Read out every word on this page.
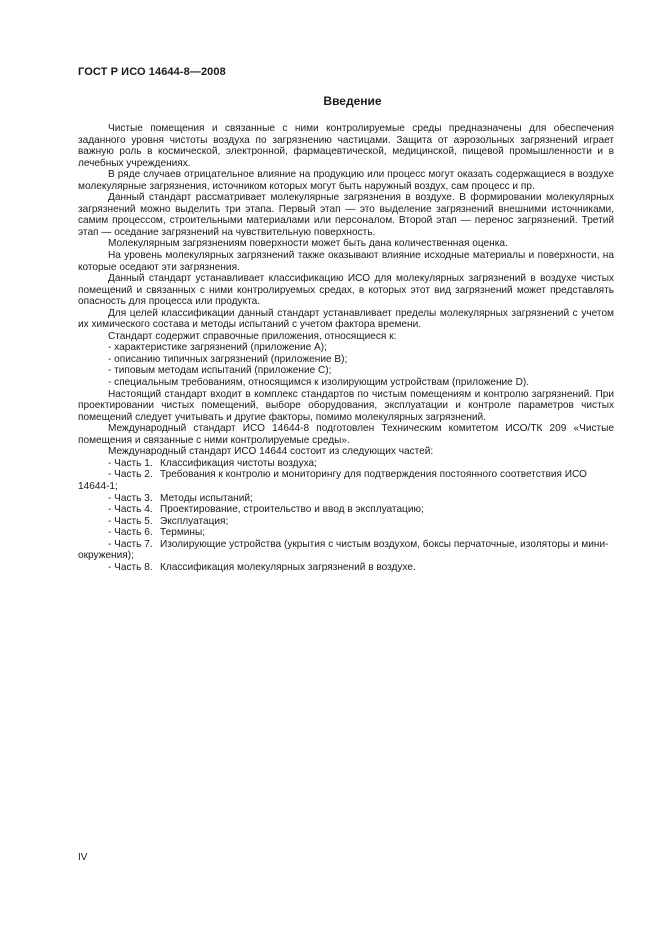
ГОСТ Р ИСО 14644-8—2008
Введение

Чистые помещения и связанные с ними контролируемые среды предназначены для обеспечения заданного уровня чистоты воздуха по загрязнению частицами. Защита от аэрозольных загрязнений играет важную роль в космической, электронной, фармацевтической, медицинской, пищевой промышленности и в лечебных учреждениях.

В ряде случаев отрицательное влияние на продукцию или процесс могут оказать содержащиеся в воздухе молекулярные загрязнения, источником которых могут быть наружный воздух, сам процесс и пр.

Данный стандарт рассматривает молекулярные загрязнения в воздухе. В формировании молекулярных загрязнений можно выделить три этапа. Первый этап — это выделение загрязнений внешними источниками, самим процессом, строительными материалами или персоналом. Второй этап — перенос загрязнений. Третий этап — оседание загрязнений на чувствительную поверхность.

Молекулярным загрязнениям поверхности может быть дана количественная оценка.

На уровень молекулярных загрязнений также оказывают влияние исходные материалы и поверхности, на которые оседают эти загрязнения.

Данный стандарт устанавливает классификацию ИСО для молекулярных загрязнений в воздухе чистых помещений и связанных с ними контролируемых средах, в которых этот вид загрязнений может представлять опасность для процесса или продукта.

Для целей классификации данный стандарт устанавливает пределы молекулярных загрязнений с учетом их химического состава и методы испытаний с учетом фактора времени.

Стандарт содержит справочные приложения, относящиеся к:

- характеристике загрязнений (приложение А);
- описанию типичных загрязнений (приложение В);
- типовым методам испытаний (приложение С);
- специальным требованиям, относящимся к изолирующим устройствам (приложение D).

Настоящий стандарт входит в комплекс стандартов по чистым помещениям и контролю загрязнений. При проектировании чистых помещений, выборе оборудования, эксплуатации и контроле параметров чистых помещений следует учитывать и другие факторы, помимо молекулярных загрязнений.

Международный стандарт ИСО 14644-8 подготовлен Техническим комитетом ИСО/ТК 209 «Чистые помещения и связанные с ними контролируемые среды».

Международный стандарт ИСО 14644 состоит из следующих частей:

- Часть 1. Классификация чистоты воздуха;
- Часть 2. Требования к контролю и мониторингу для подтверждения постоянного соответствия ИСО 14644-1;
- Часть 3. Методы испытаний;
- Часть 4. Проектирование, строительство и ввод в эксплуатацию;
- Часть 5. Эксплуатация;
- Часть 6. Термины;
- Часть 7. Изолирующие устройства (укрытия с чистым воздухом, боксы перчаточные, изоляторы и мини-окружения);
- Часть 8. Классификация молекулярных загрязнений в воздухе.
IV
